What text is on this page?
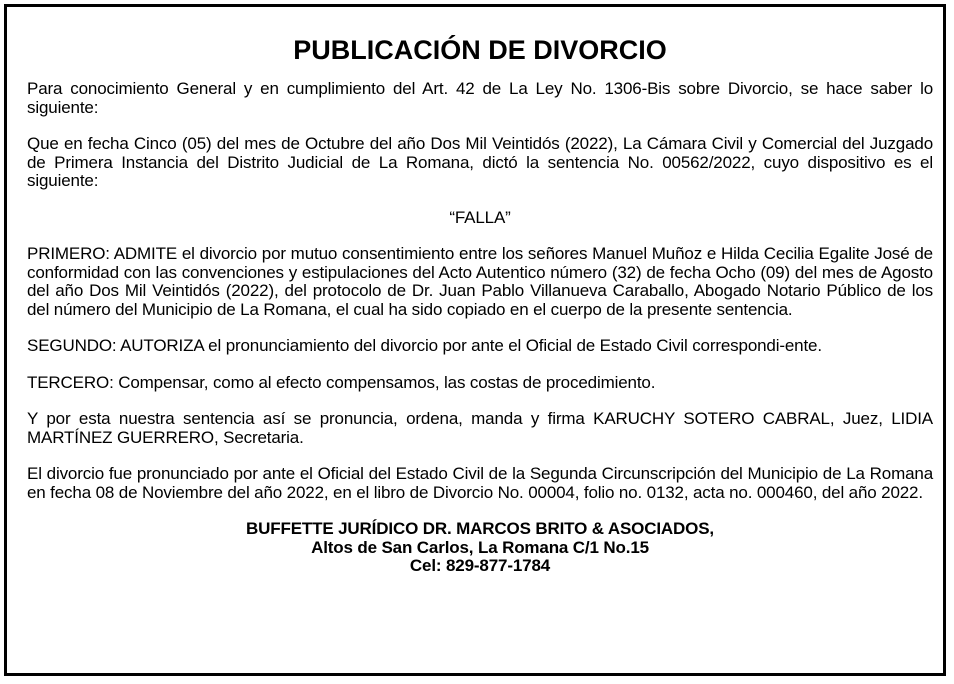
PUBLICACIÓN DE DIVORCIO

Para conocimiento General y en cumplimiento del Art. 42 de La Ley No. 1306-Bis sobre Divorcio, se hace saber lo siguiente:

Que en fecha Cinco (05) del mes de Octubre del año Dos Mil Veintidós (2022), La Cámara Civil y Comercial del Juzgado de Primera Instancia del Distrito Judicial de La Romana, dictó la sentencia No. 00562/2022, cuyo dispositivo es el siguiente:

“FALLA”

PRIMERO: ADMITE el divorcio por mutuo consentimiento entre los señores Manuel Muñoz e Hilda Cecilia Egalite José de conformidad con las convenciones y estipulaciones del Acto Autentico número (32) de fecha Ocho (09) del mes de Agosto del año Dos Mil Veintidós (2022), del protocolo de Dr. Juan Pablo Villanueva Caraballo, Abogado Notario Público de los del número del Municipio de La Romana, el cual ha sido copiado en el cuerpo de la presente sentencia.

SEGUNDO: AUTORIZA el pronunciamiento del divorcio por ante el Oficial de Estado Civil correspondi-ente.

TERCERO: Compensar, como al efecto compensamos, las costas de procedimiento.

Y por esta nuestra sentencia así se pronuncia, ordena, manda y firma KARUCHY SOTERO CABRAL, Juez, LIDIA MARTÍNEZ GUERRERO, Secretaria.

El divorcio fue pronunciado por ante el Oficial del Estado Civil de la Segunda Circunscripción del Municipio de La Romana en fecha 08 de Noviembre del año 2022, en el libro de Divorcio No. 00004, folio no. 0132, acta no. 000460, del año 2022.

BUFFETTE JURÍDICO DR. MARCOS BRITO & ASOCIADOS,
Altos de San Carlos, La Romana C/1 No.15
Cel: 829-877-1784
